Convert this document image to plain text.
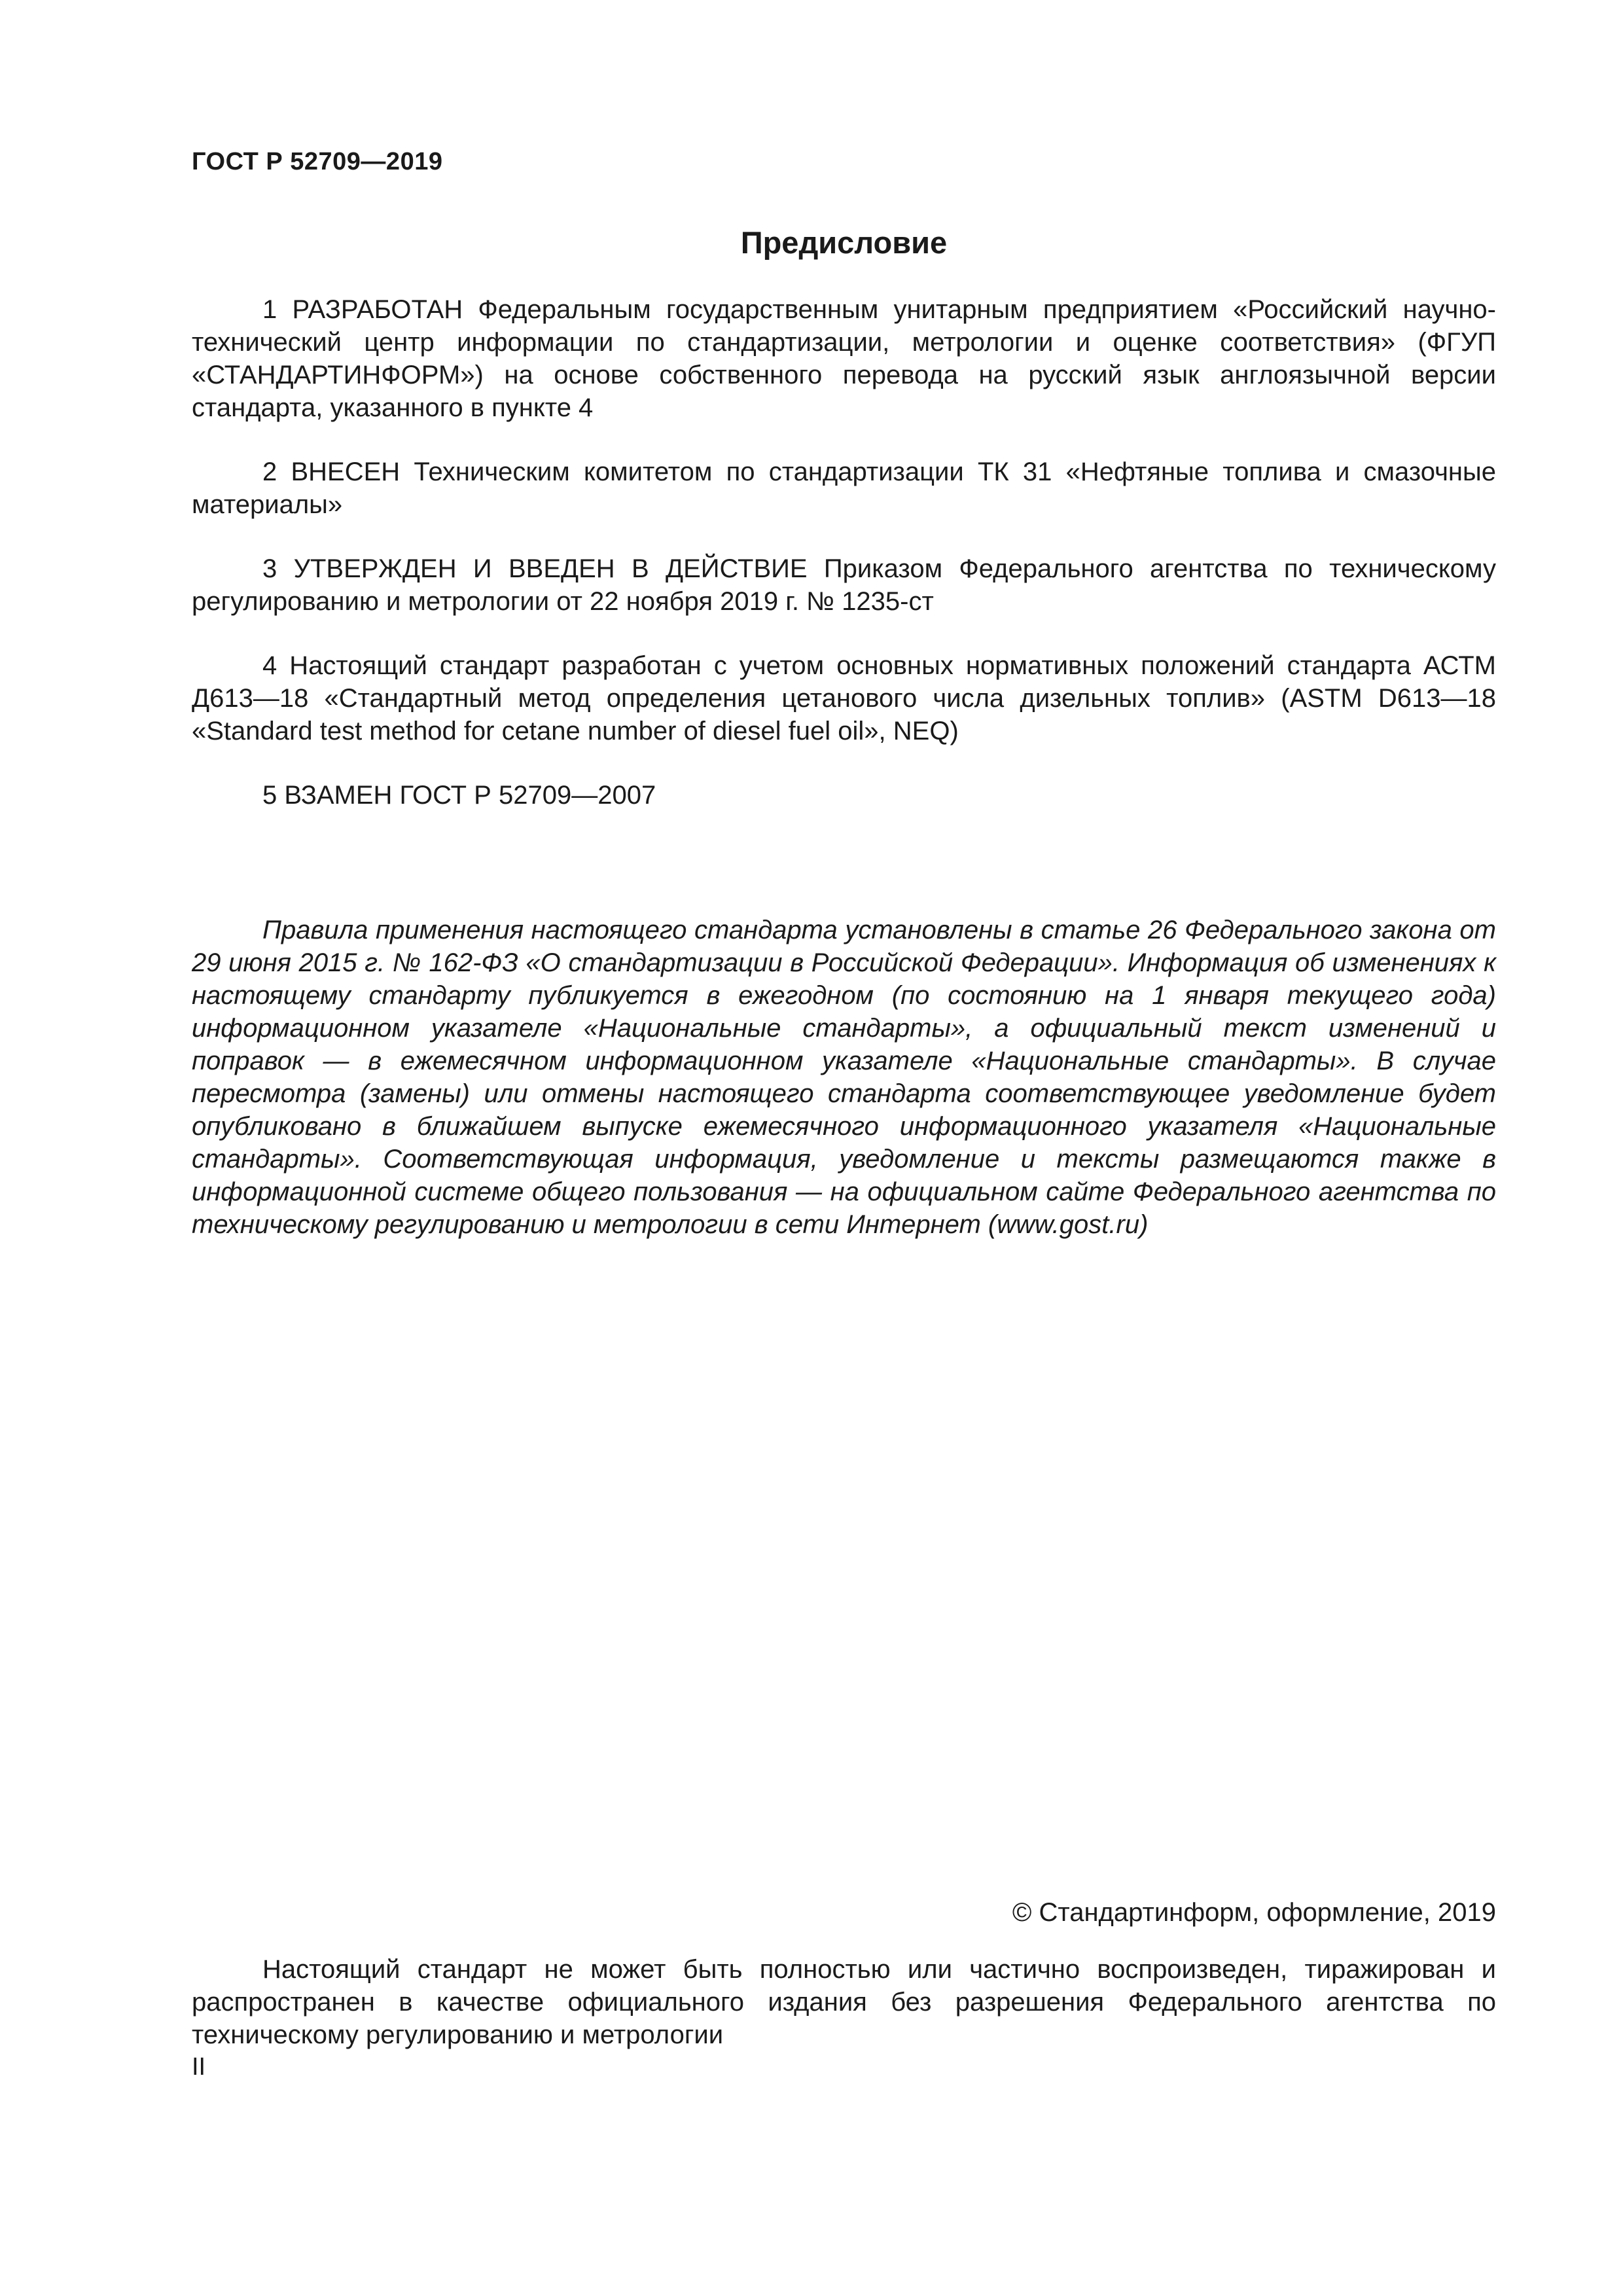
ГОСТ Р 52709—2019
Предисловие

1 РАЗРАБОТАН Федеральным государственным унитарным предприятием «Российский научно-технический центр информации по стандартизации, метрологии и оценке соответствия» (ФГУП «СТАНДАРТИНФОРМ») на основе собственного перевода на русский язык англоязычной версии стандарта, указанного в пункте 4

2 ВНЕСЕН Техническим комитетом по стандартизации ТК 31 «Нефтяные топлива и смазочные материалы»

3 УТВЕРЖДЕН И ВВЕДЕН В ДЕЙСТВИЕ Приказом Федерального агентства по техническому регулированию и метрологии от 22 ноября 2019 г. № 1235-ст

4 Настоящий стандарт разработан с учетом основных нормативных положений стандарта АСТМ Д613—18 «Стандартный метод определения цетанового числа дизельных топлив» (ASTM D613—18 «Standard test method for cetane number of diesel fuel oil», NEQ)

5 ВЗАМЕН ГОСТ Р 52709—2007

Правила применения настоящего стандарта установлены в статье 26 Федерального закона от 29 июня 2015 г. № 162-ФЗ «О стандартизации в Российской Федерации». Информация об изменениях к настоящему стандарту публикуется в ежегодном (по состоянию на 1 января текущего года) информационном указателе «Национальные стандарты», а официальный текст изменений и поправок — в ежемесячном информационном указателе «Национальные стандарты». В случае пересмотра (замены) или отмены настоящего стандарта соответствующее уведомление будет опубликовано в ближайшем выпуске ежемесячного информационного указателя «Национальные стандарты». Соответствующая информация, уведомление и тексты размещаются также в информационной системе общего пользования — на официальном сайте Федерального агентства по техническому регулированию и метрологии в сети Интернет (www.gost.ru)

© Стандартинформ, оформление, 2019

Настоящий стандарт не может быть полностью или частично воспроизведен, тиражирован и распространен в качестве официального издания без разрешения Федерального агентства по техническому регулированию и метрологии

II
